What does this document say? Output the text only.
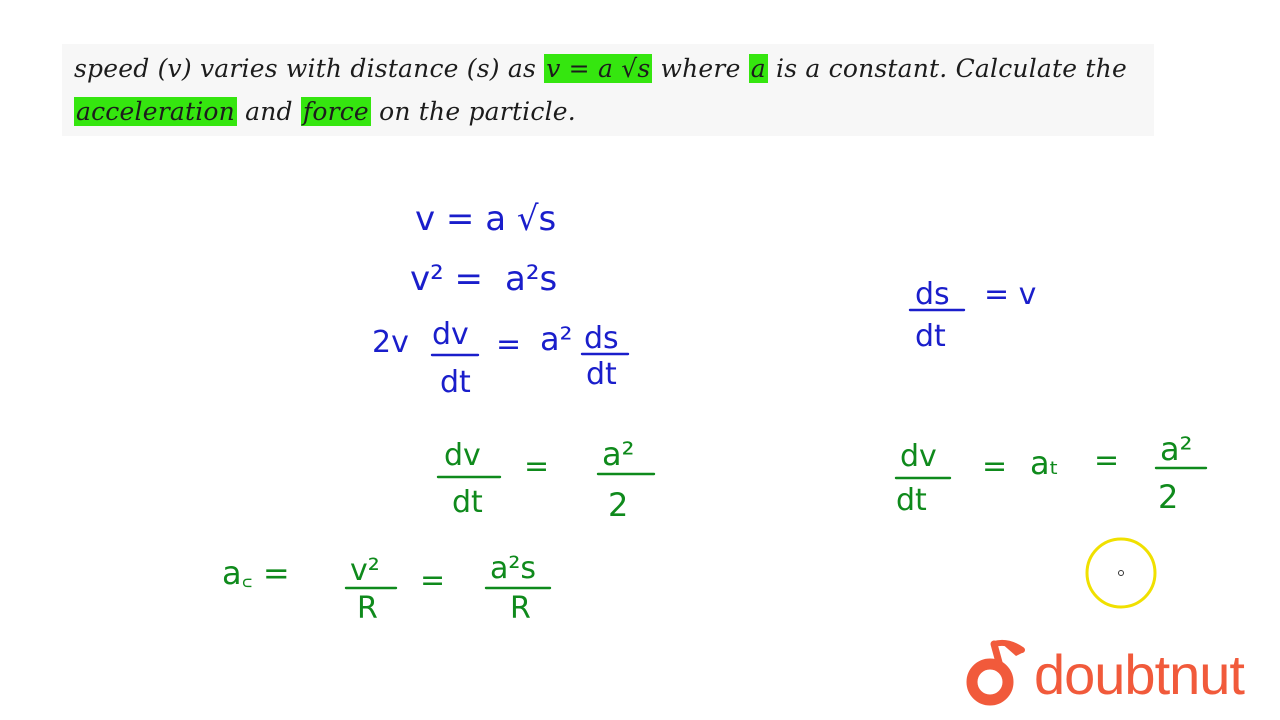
speed (v) varies with distance (s) as v = a √s where a is a constant. Calculate the

acceleration and force on the particle.

v = a √s
v² = a²s
2v dv
dt
= a² ds
dt
ds
dt
= v
dv
dt
= a²
2
dv
dt
= aₜ = a²
2
a꜀ = v²
R
= a²s
R
doubtnut
